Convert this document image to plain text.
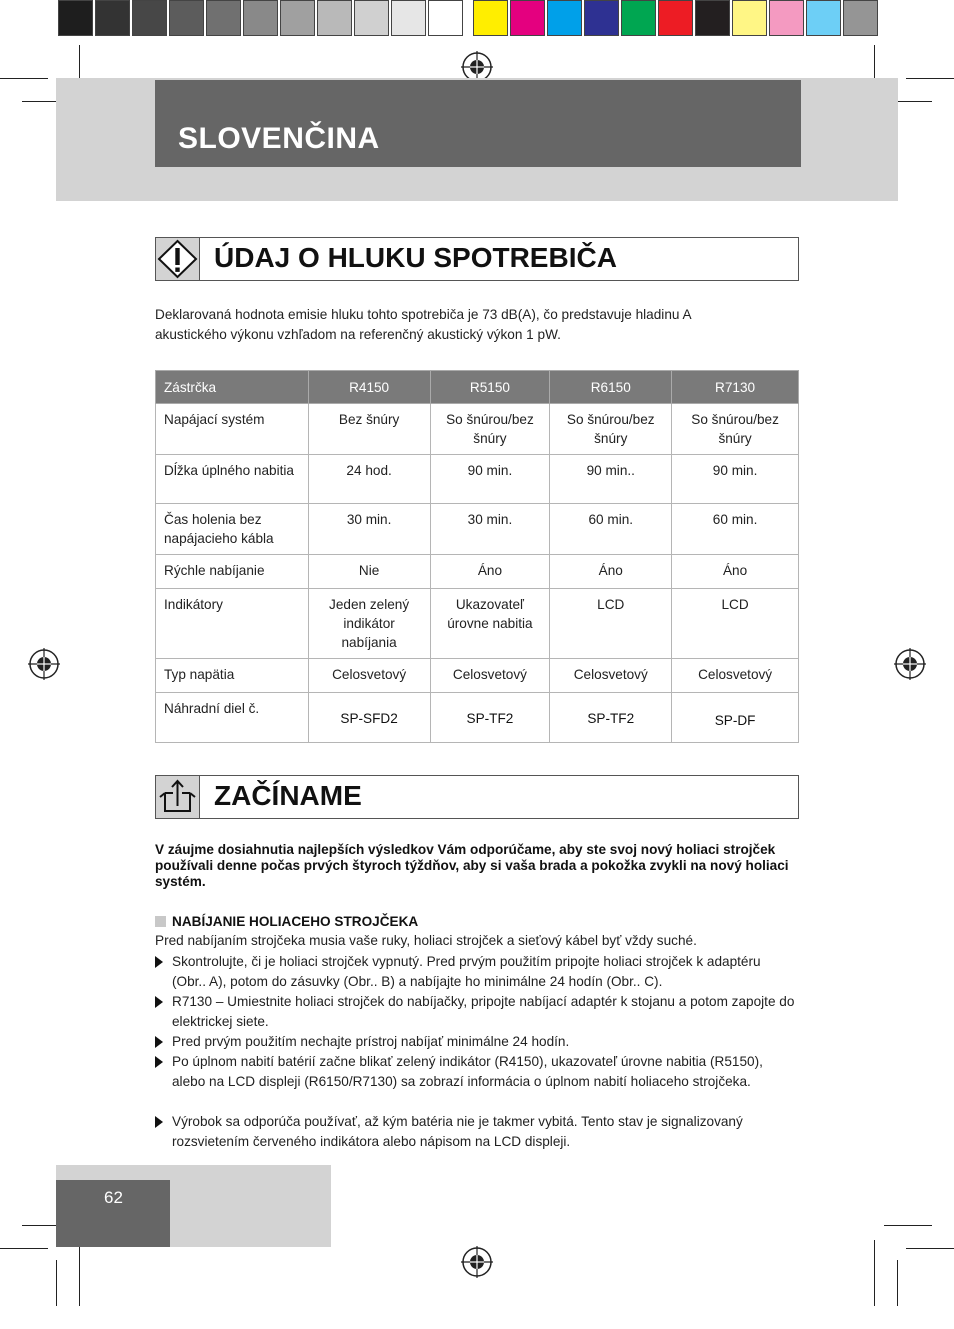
SLOVENČINA
ÚDAJ O HLUKU SPOTREBIČA
Deklarovaná hodnota emisie hluku tohto spotrebiča je 73 dB(A), čo predstavuje hladinu A
akustického výkonu vzhľadom na referenčný akustický výkon 1 pW.
Zástrčka	R4150	R5150	R6150	R7130
Napájací systém	Bez šnúry	So šnúrou/bez šnúry	So šnúrou/bez šnúry	So šnúrou/bez šnúry
Dĺžka úplného nabitia	24 hod.	90 min.	90 min..	90 min.
Čas holenia bez napájacieho kábla	30 min.	30 min.	60 min.	60 min.
Rýchle nabíjanie	Nie	Áno	Áno	Áno
Indikátory	Jeden zelený indikátor nabíjania	Ukazovateľ úrovne nabitia	LCD	LCD
Typ napätia	Celosvetový	Celosvetový	Celosvetový	Celosvetový
Náhradní diel č.	SP-SFD2	SP-TF2	SP-TF2	SP-DF
ZAČÍNAME
V záujme dosiahnutia najlepších výsledkov Vám odporúčame, aby ste svoj nový holiaci strojček používali denne počas prvých štyroch týždňov, aby si vaša brada a pokožka zvykli na nový holiaci systém.
NABÍJANIE HOLIACEHO STROJČEKA
Pred nabíjaním strojčeka musia vaše ruky, holiaci strojček a sieťový kábel byť vždy suché.
Skontrolujte, či je holiaci strojček vypnutý. Pred prvým použitím pripojte holiaci strojček k adaptéru (Obr.. A), potom do zásuvky (Obr.. B) a nabíjajte ho minimálne 24 hodín (Obr.. C).
R7130 – Umiestnite holiaci strojček do nabíjačky, pripojte nabíjací adaptér k stojanu a potom zapojte do elektrickej siete.
Pred prvým použitím nechajte prístroj nabíjať minimálne 24 hodín.
Po úplnom nabití batérií začne blikať zelený indikátor (R4150), ukazovateľ úrovne nabitia (R5150), alebo na LCD displeji (R6150/R7130) sa zobrazí informácia o úplnom nabití holiaceho strojčeka.
Výrobok sa odporúča používať, až kým batéria nie je takmer vybitá. Tento stav je signalizovaný rozsvietením červeného indikátora alebo nápisom na LCD displeji.
62
